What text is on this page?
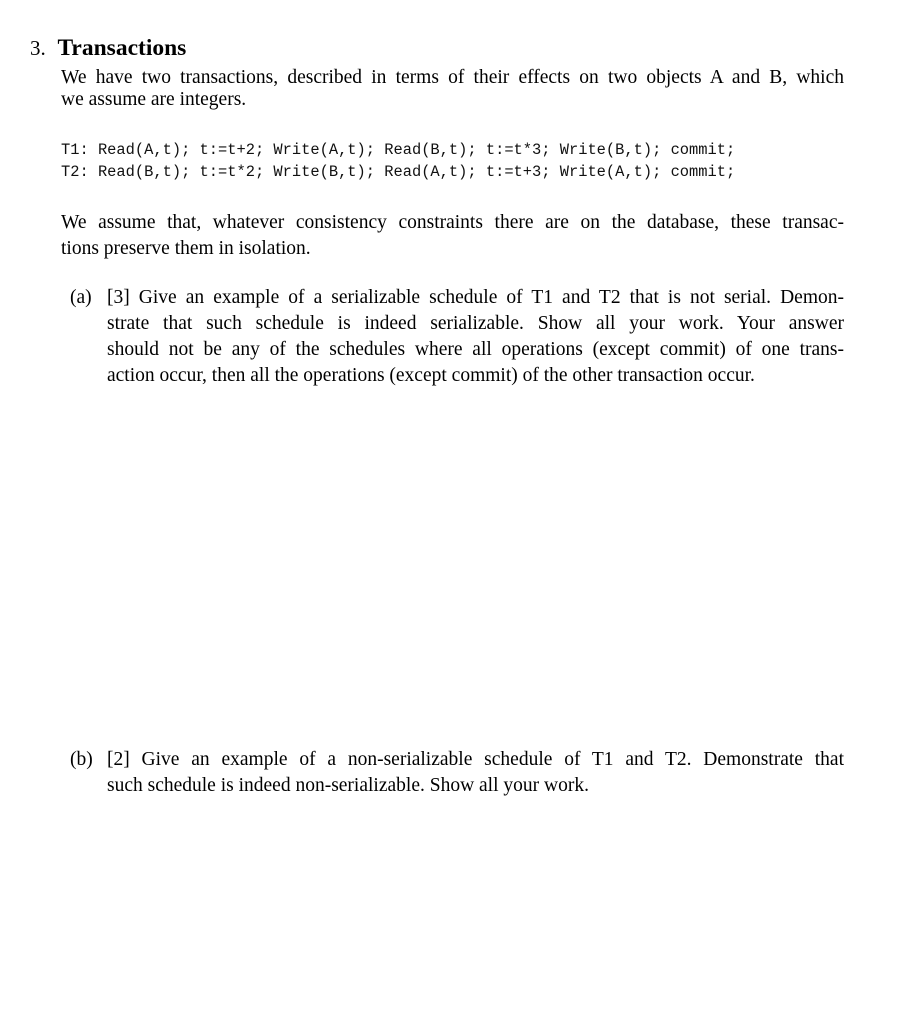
3. Transactions
We have two transactions, described in terms of their effects on two objects A and B, which
we assume are integers.
T1: Read(A,t); t:=t+2; Write(A,t); Read(B,t); t:=t*3; Write(B,t); commit;
T2: Read(B,t); t:=t*2; Write(B,t); Read(A,t); t:=t+3; Write(A,t); commit;
We assume that, whatever consistency constraints there are on the database, these transac-
tions preserve them in isolation.
(a) [3] Give an example of a serializable schedule of T1 and T2 that is not serial. Demon-
strate that such schedule is indeed serializable. Show all your work. Your answer
should not be any of the schedules where all operations (except commit) of one trans-
action occur, then all the operations (except commit) of the other transaction occur.
(b) [2] Give an example of a non-serializable schedule of T1 and T2. Demonstrate that
such schedule is indeed non-serializable. Show all your work.
